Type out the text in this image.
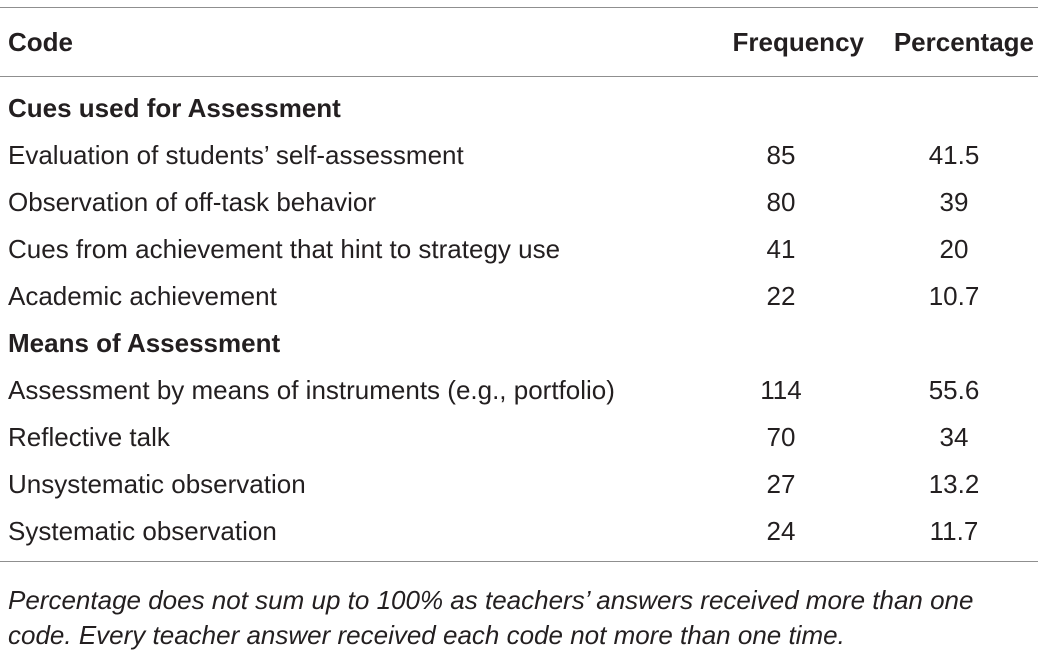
Code	Frequency	Percentage
Cues used for Assessment		
Evaluation of students’ self-assessment	85	41.5
Observation of off-task behavior	80	39
Cues from achievement that hint to strategy use	41	20
Academic achievement	22	10.7
Means of Assessment		
Assessment by means of instruments (e.g., portfolio)	114	55.6
Reflective talk	70	34
Unsystematic observation	27	13.2
Systematic observation	24	11.7
Percentage does not sum up to 100% as teachers’ answers received more than one code. Every teacher answer received each code not more than one time.
